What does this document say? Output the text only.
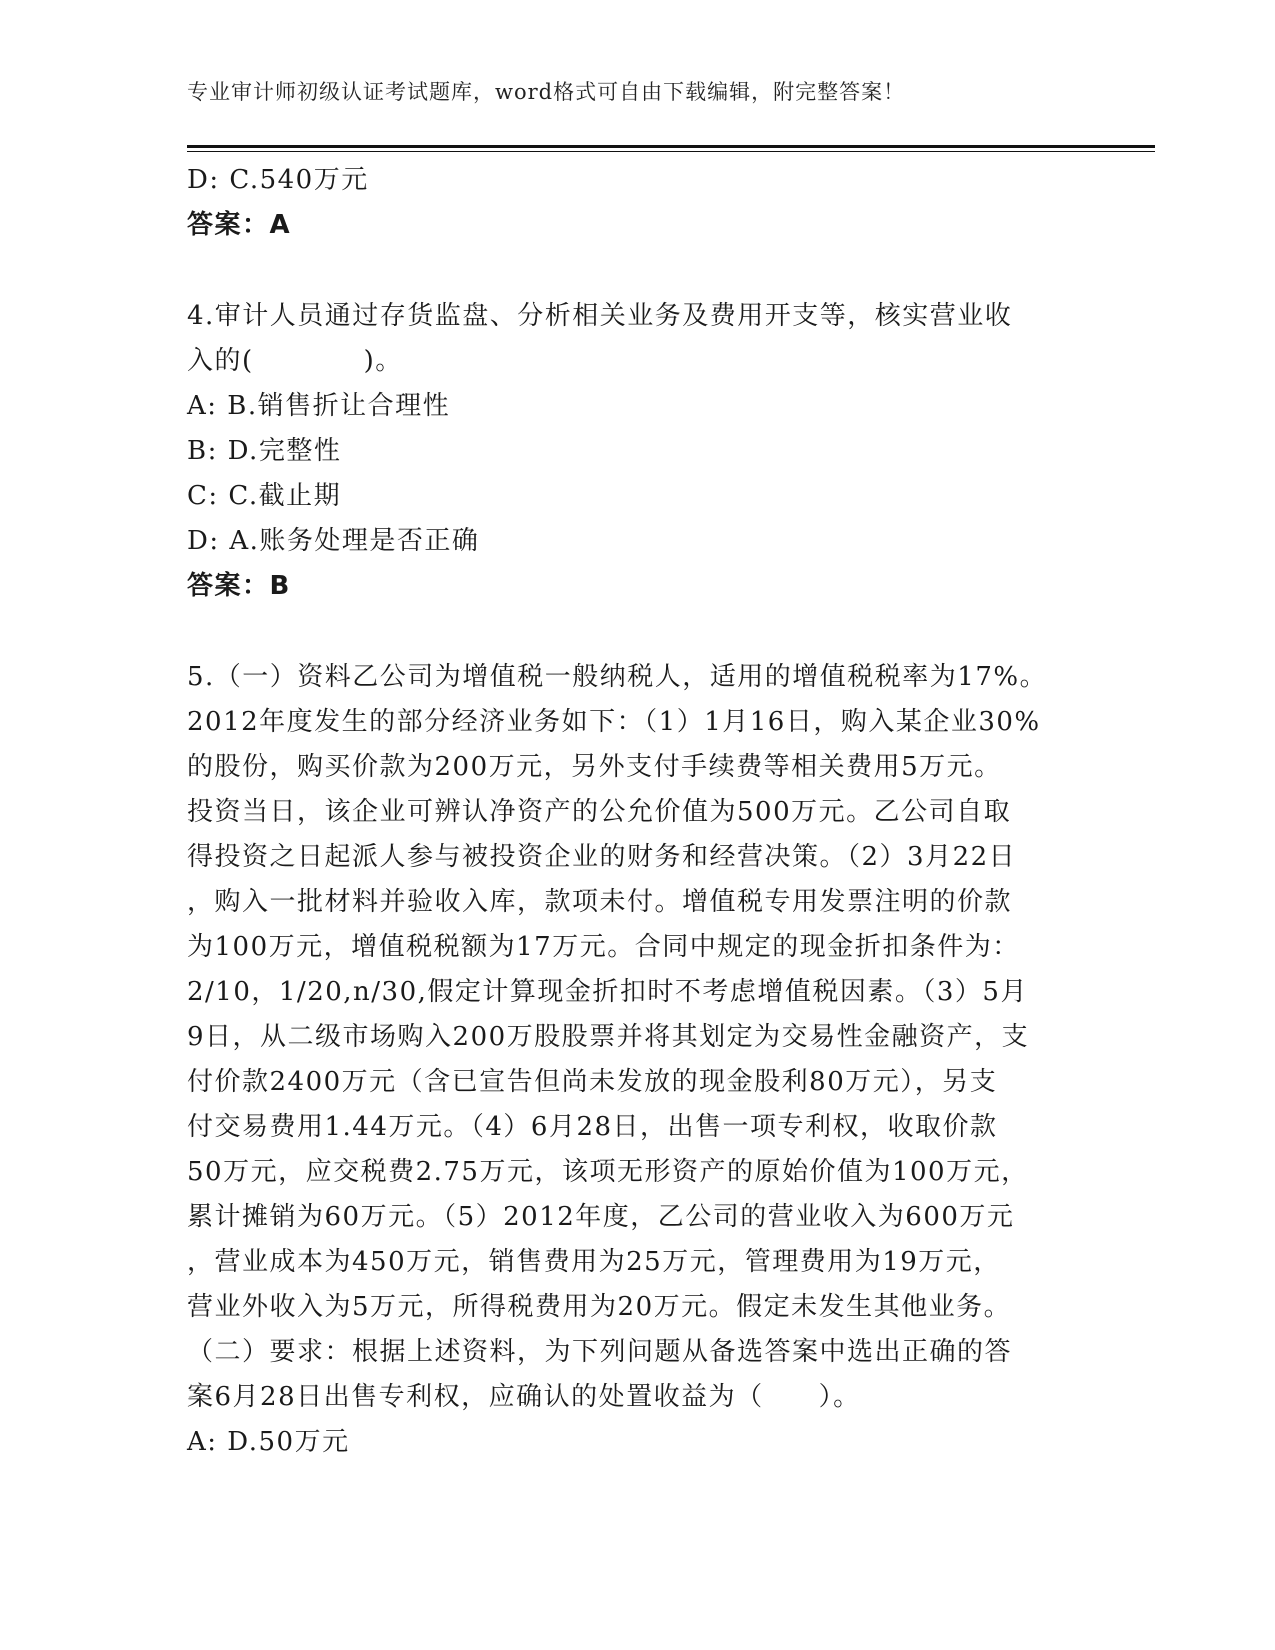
专业审计师初级认证考试题库，word格式可自由下载编辑，附完整答案！
D: C.540万元
答案：A
4.审计人员通过存货监盘、分析相关业务及费用开支等，核实营业收
入的(　　　　)。
A: B.销售折让合理性
B: D.完整性
C: C.截止期
D: A.账务处理是否正确
答案：B
5.（一）资料乙公司为增值税一般纳税人，适用的增值税税率为17%。
2012年度发生的部分经济业务如下：（1）1月16日，购入某企业30%
的股份，购买价款为200万元，另外支付手续费等相关费用5万元。
投资当日，该企业可辨认净资产的公允价值为500万元。乙公司自取
得投资之日起派人参与被投资企业的财务和经营决策。（2）3月22日
，购入一批材料并验收入库，款项未付。增值税专用发票注明的价款
为100万元，增值税税额为17万元。合同中规定的现金折扣条件为：
2/10，1/20,n/30,假定计算现金折扣时不考虑增值税因素。（3）5月
9日，从二级市场购入200万股股票并将其划定为交易性金融资产，支
付价款2400万元（含已宣告但尚未发放的现金股利80万元），另支
付交易费用1.44万元。（4）6月28日，出售一项专利权，收取价款
50万元，应交税费2.75万元，该项无形资产的原始价值为100万元，
累计摊销为60万元。（5）2012年度，乙公司的营业收入为600万元
，营业成本为450万元，销售费用为25万元，管理费用为19万元，
营业外收入为5万元，所得税费用为20万元。假定未发生其他业务。
（二）要求：根据上述资料，为下列问题从备选答案中选出正确的答
案6月28日出售专利权，应确认的处置收益为（　　）。
A: D.50万元
